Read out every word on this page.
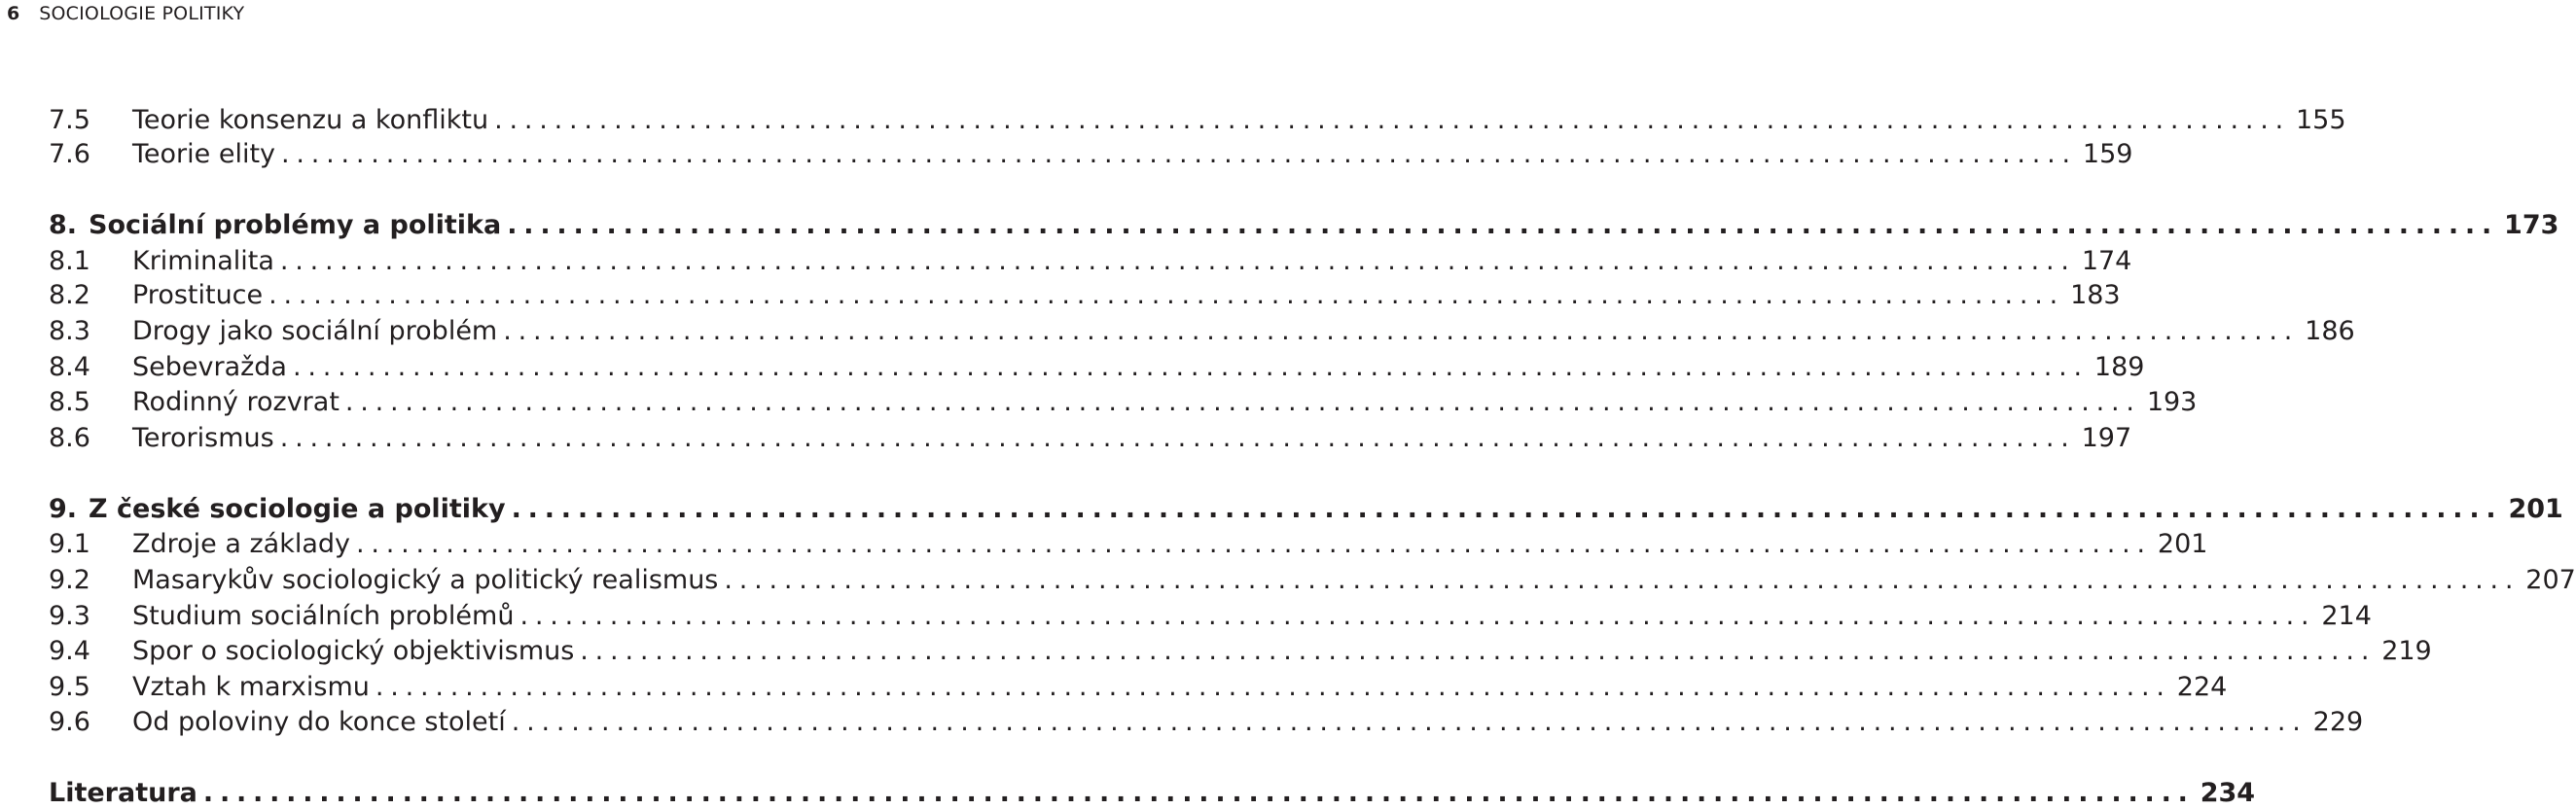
6 SOCIOLOGIE POLITIKY
7.5	Teorie konsenzu a konfliktu ........................................................................................................................ 155
7.6	Teorie elity ........................................................................................................................ 159
8. Sociální problémy a politika ........................................................................................................................ 173
8.1	Kriminalita ........................................................................................................................ 174
8.2	Prostituce ........................................................................................................................ 183
8.3	Drogy jako sociální problém ........................................................................................................................ 186
8.4	Sebevražda ........................................................................................................................ 189
8.5	Rodinný rozvrat ........................................................................................................................ 193
8.6	Terorismus ........................................................................................................................ 197
9. Z české sociologie a politiky ........................................................................................................................ 201
9.1	Zdroje a základy ........................................................................................................................ 201
9.2	Masarykův sociologický a politický realismus ........................................................................................................................ 207
9.3	Studium sociálních problémů ........................................................................................................................ 214
9.4	Spor o sociologický objektivismus ........................................................................................................................ 219
9.5	Vztah k marxismu ........................................................................................................................ 224
9.6	Od poloviny do konce století ........................................................................................................................ 229
Literatura ........................................................................................................................ 234
